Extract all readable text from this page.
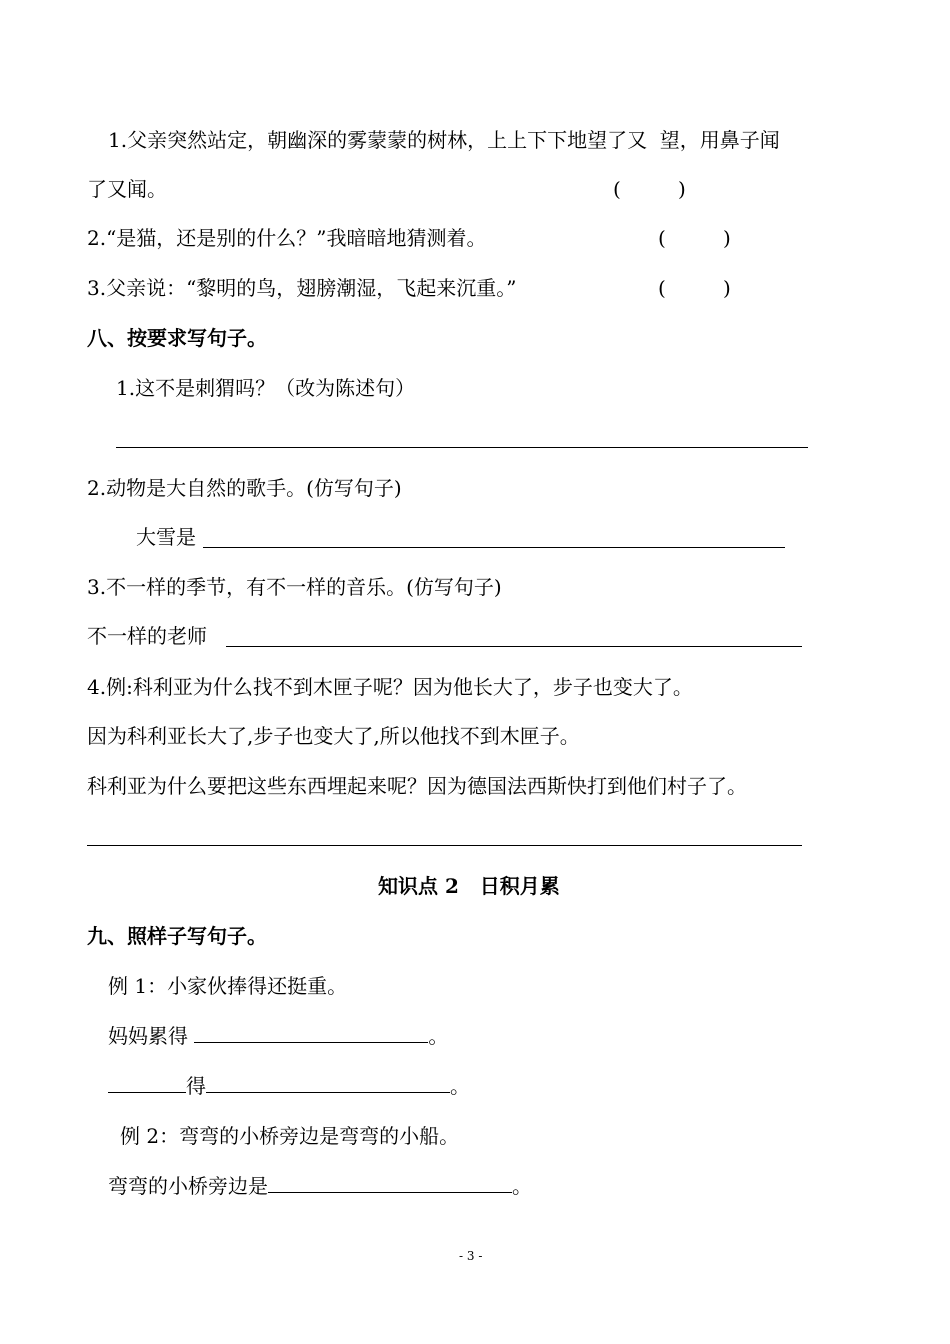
1.父亲突然站定，朝幽深的雾蒙蒙的树林，上上下下地望了又  望，用鼻子闻
了又闻。	(         )
2.“是猫，还是别的什么？”我暗暗地猜测着。	(         )
3.父亲说：“黎明的鸟，翅膀潮湿，飞起来沉重。”	(         )
八、按要求写句子。
1.这不是刺猬吗？（改为陈述句）
2.动物是大自然的歌手。(仿写句子)
大雪是
3.不一样的季节，有不一样的音乐。(仿写句子)
不一样的老师
4.例:科利亚为什么找不到木匣子呢？因为他长大了，步子也变大了。
因为科利亚长大了,步子也变大了,所以他找不到木匣子。
科利亚为什么要把这些东西埋起来呢？因为德国法西斯快打到他们村子了。
知识点 2   日积月累
九、照样子写句子。
例 1：小家伙捧得还挺重。
妈妈累得	。
得	。
例 2：弯弯的小桥旁边是弯弯的小船。
弯弯的小桥旁边是	。
- 3 -
